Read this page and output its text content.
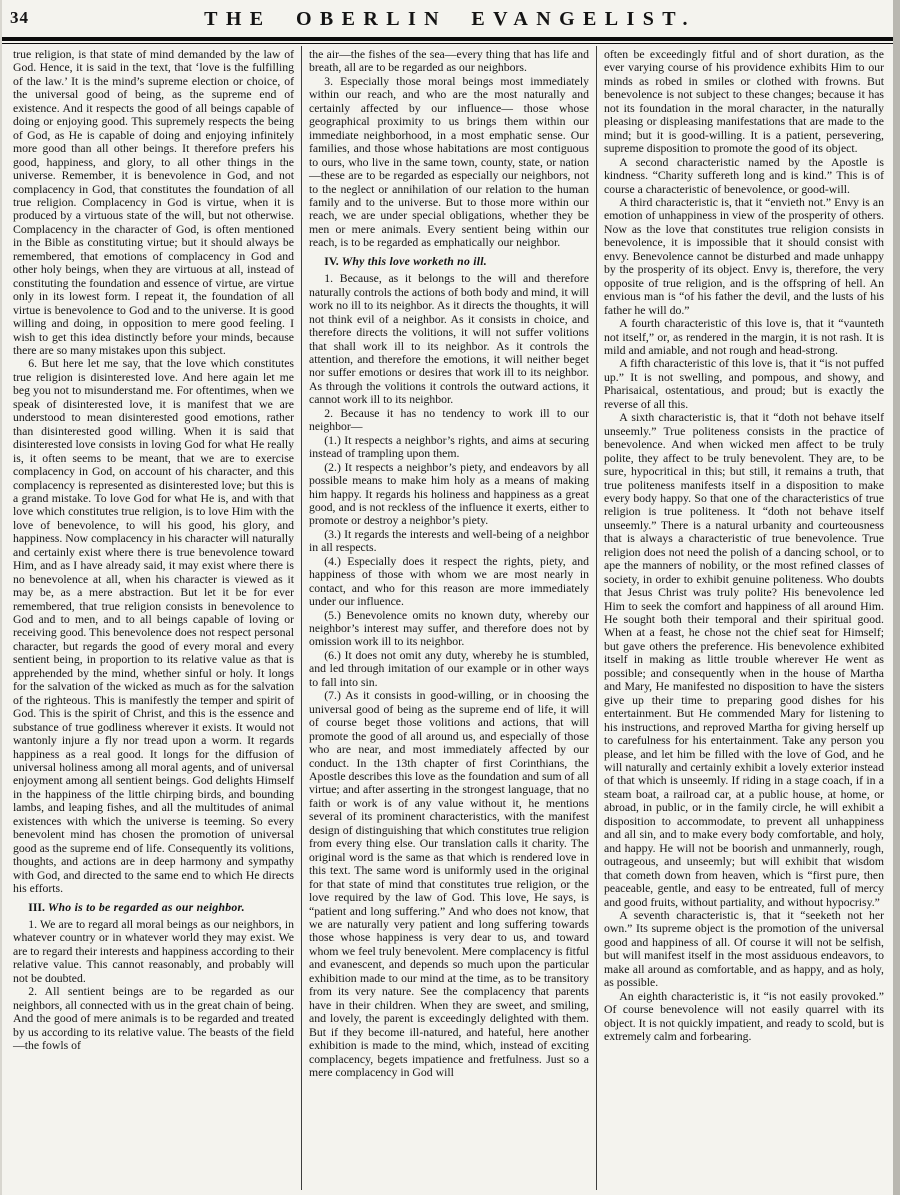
34	THE OBERLIN EVANGELIST.

true religion, is that state of mind demanded by the law of God. Hence, it is said in the text, that ‘love is the fulfilling of the law.’ It is the mind’s supreme election or choice, of the universal good of being, as the supreme end of existence. And it respects the good of all beings capable of doing or enjoying good. This supremely respects the being of God, as He is capable of doing and enjoying infinitely more good than all other beings. It therefore prefers his good, happiness, and glory, to all other things in the universe. Remember, it is benevolence in God, and not complacency in God, that constitutes the foundation of all true religion. Complacency in God is virtue, when it is produced by a virtuous state of the will, but not otherwise. Complacency in the character of God, is often mentioned in the Bible as constituting virtue; but it should always be remembered, that emotions of complacency in God and other holy beings, when they are virtuous at all, instead of constituting the foundation and essence of virtue, are virtue only in its lowest form. I repeat it, the foundation of all virtue is benevolence to God and to the universe. It is good willing and doing, in opposition to mere good feeling. I wish to get this idea distinctly before your minds, because there are so many mistakes upon this subject.

6. But here let me say, that the love which constitutes true religion is disinterested love. And here again let me beg you not to misunderstand me. For oftentimes, when we speak of disinterested love, it is manifest that we are understood to mean disinterested good emotions, rather than disinterested good willing. When it is said that disinterested love consists in loving God for what He really is, it often seems to be meant, that we are to exercise complacency in God, on account of his character, and this complacency is represented as disinterested love; but this is a grand mistake. To love God for what He is, and with that love which constitutes true religion, is to love Him with the love of benevolence, to will his good, his glory, and happiness. Now complacency in his character will naturally and certainly exist where there is true benevolence toward Him, and as I have already said, it may exist where there is no benevolence at all, when his character is viewed as it may be, as a mere abstraction. But let it be for ever remembered, that true religion consists in benevolence to God and to men, and to all beings capable of loving or receiving good. This benevolence does not respect personal character, but regards the good of every moral and every sentient being, in proportion to its relative value as that is apprehended by the mind, whether sinful or holy. It longs for the salvation of the wicked as much as for the salvation of the righteous. This is manifestly the temper and spirit of God. This is the spirit of Christ, and this is the essence and substance of true godliness wherever it exists. It would not wantonly injure a fly nor tread upon a worm. It regards happiness as a real good. It longs for the diffusion of universal holiness among all moral agents, and of universal enjoyment among all sentient beings. God delights Himself in the happiness of the little chirping birds, and bounding lambs, and leaping fishes, and all the multitudes of animal existences with which the universe is teeming. So every benevolent mind has chosen the promotion of universal good as the supreme end of life. Consequently its volitions, thoughts, and actions are in deep harmony and sympathy with God, and directed to the same end to which He directs his efforts.

III. Who is to be regarded as our neighbor.

1. We are to regard all moral beings as our neighbors, in whatever country or in whatever world they may exist. We are to regard their interests and happiness according to their relative value. This cannot reasonably, and probably will not be doubted.

2. All sentient beings are to be regarded as our neighbors, all connected with us in the great chain of being. And the good of mere animals is to be regarded and treated by us according to its relative value. The beasts of the field—the fowls of

the air—the fishes of the sea—every thing that has life and breath, all are to be regarded as our neighbors.

3. Especially those moral beings most immediately within our reach, and who are the most naturally and certainly affected by our influence— those whose geographical proximity to us brings them within our immediate neighborhood, in a most emphatic sense. Our families, and those whose habitations are most contiguous to ours, who live in the same town, county, state, or nation—these are to be regarded as especially our neighbors, not to the neglect or annihilation of our relation to the human family and to the universe. But to those more within our reach, we are under special obligations, whether they be men or mere animals. Every sentient being within our reach, is to be regarded as emphatically our neighbor.

IV. Why this love worketh no ill.

1. Because, as it belongs to the will and therefore naturally controls the actions of both body and mind, it will work no ill to its neighbor. As it directs the thoughts, it will not think evil of a neighbor. As it consists in choice, and therefore directs the volitions, it will not suffer volitions that shall work ill to its neighbor. As it controls the attention, and therefore the emotions, it will neither beget nor suffer emotions or desires that work ill to its neighbor. As through the volitions it controls the outward actions, it cannot work ill to its neighbor.

2. Because it has no tendency to work ill to our neighbor—

(1.) It respects a neighbor’s rights, and aims at securing instead of trampling upon them.

(2.) It respects a neighbor’s piety, and endeavors by all possible means to make him holy as a means of making him happy. It regards his holiness and happiness as a great good, and is not reckless of the influence it exerts, either to promote or destroy a neighbor’s piety.

(3.) It regards the interests and well-being of a neighbor in all respects.

(4.) Especially does it respect the rights, piety, and happiness of those with whom we are most nearly in contact, and who for this reason are more immediately under our influence.

(5.) Benevolence omits no known duty, whereby our neighbor’s interest may suffer, and therefore does not by omission work ill to its neighbor.

(6.) It does not omit any duty, whereby he is stumbled, and led through imitation of our example or in other ways to fall into sin.

(7.) As it consists in good-willing, or in choosing the universal good of being as the supreme end of life, it will of course beget those volitions and actions, that will promote the good of all around us, and especially of those who are near, and most immediately affected by our conduct. In the 13th chapter of first Corinthians, the Apostle describes this love as the foundation and sum of all virtue; and after asserting in the strongest language, that no faith or work is of any value without it, he mentions several of its prominent characteristics, with the manifest design of distinguishing that which constitutes true religion from every thing else. Our translation calls it charity. The original word is the same as that which is rendered love in this text. The same word is uniformly used in the original for that state of mind that constitutes true religion, or the love required by the law of God. This love, He says, is “patient and long suffering.” And who does not know, that we are naturally very patient and long suffering towards those whose happiness is very dear to us, and toward whom we feel truly benevolent. Mere complacency is fitful and evanescent, and depends so much upon the particular exhibition made to our mind at the time, as to be transitory from its very nature. See the complacency that parents have in their children. When they are sweet, and smiling, and lovely, the parent is exceedingly delighted with them. But if they become ill-natured, and hateful, here another exhibition is made to the mind, which, instead of exciting complacency, begets impatience and fretfulness. Just so a mere complacency in God will

often be exceedingly fitful and of short duration, as the ever varying course of his providence exhibits Him to our minds as robed in smiles or clothed with frowns. But benevolence is not subject to these changes; because it has not its foundation in the moral character, in the naturally pleasing or displeasing manifestations that are made to the mind; but it is good-willing. It is a patient, persevering, supreme disposition to promote the good of its object.

A second characteristic named by the Apostle is kindness. “Charity suffereth long and is kind.” This is of course a characteristic of benevolence, or good-will.

A third characteristic is, that it “envieth not.” Envy is an emotion of unhappiness in view of the prosperity of others. Now as the love that constitutes true religion consists in benevolence, it is impossible that it should consist with envy. Benevolence cannot be disturbed and made unhappy by the prosperity of its object. Envy is, therefore, the very opposite of true religion, and is the offspring of hell. An envious man is “of his father the devil, and the lusts of his father he will do.”

A fourth characteristic of this love is, that it “vaunteth not itself,” or, as rendered in the margin, it is not rash. It is mild and amiable, and not rough and head-strong.

A fifth characteristic of this love is, that it “is not puffed up.” It is not swelling, and pompous, and showy, and Pharisaical, ostentatious, and proud; but is exactly the reverse of all this.

A sixth characteristic is, that it “doth not behave itself unseemly.” True politeness consists in the practice of benevolence. And when wicked men affect to be truly polite, they affect to be truly benevolent. They are, to be sure, hypocritical in this; but still, it remains a truth, that true politeness manifests itself in a disposition to make every body happy. So that one of the characteristics of true religion is true politeness. It “doth not behave itself unseemly.” There is a natural urbanity and courteousness that is always a characteristic of true benevolence. True religion does not need the polish of a dancing school, or to ape the manners of nobility, or the most refined classes of society, in order to exhibit genuine politeness. Who doubts that Jesus Christ was truly polite? His benevolence led Him to seek the comfort and happiness of all around Him. He sought both their temporal and their spiritual good. When at a feast, he chose not the chief seat for Himself; but gave others the preference. His benevolence exhibited itself in making as little trouble wherever He went as possible; and consequently when in the house of Martha and Mary, He manifested no disposition to have the sisters give up their time to preparing good dishes for his entertainment. But He commended Mary for listening to his instructions, and reproved Martha for giving herself up to carefulness for his entertainment. Take any person you please, and let him be filled with the love of God, and he will naturally and certainly exhibit a lovely exterior instead of that which is unseemly. If riding in a stage coach, if in a steam boat, a railroad car, at a public house, at home, or abroad, in public, or in the family circle, he will exhibit a disposition to accommodate, to prevent all unhappiness and all sin, and to make every body comfortable, and holy, and happy. He will not be boorish and unmannerly, rough, outrageous, and unseemly; but will exhibit that wisdom that cometh down from heaven, which is “first pure, then peaceable, gentle, and easy to be entreated, full of mercy and good fruits, without partiality, and without hypocrisy.”

A seventh characteristic is, that it “seeketh not her own.” Its supreme object is the promotion of the universal good and happiness of all. Of course it will not be selfish, but will manifest itself in the most assiduous endeavors, to make all around as comfortable, and as happy, and as holy, as possible.

An eighth characteristic is, it “is not easily provoked.” Of course benevolence will not easily quarrel with its object. It is not quickly impatient, and ready to scold, but is extremely calm and forbearing.
